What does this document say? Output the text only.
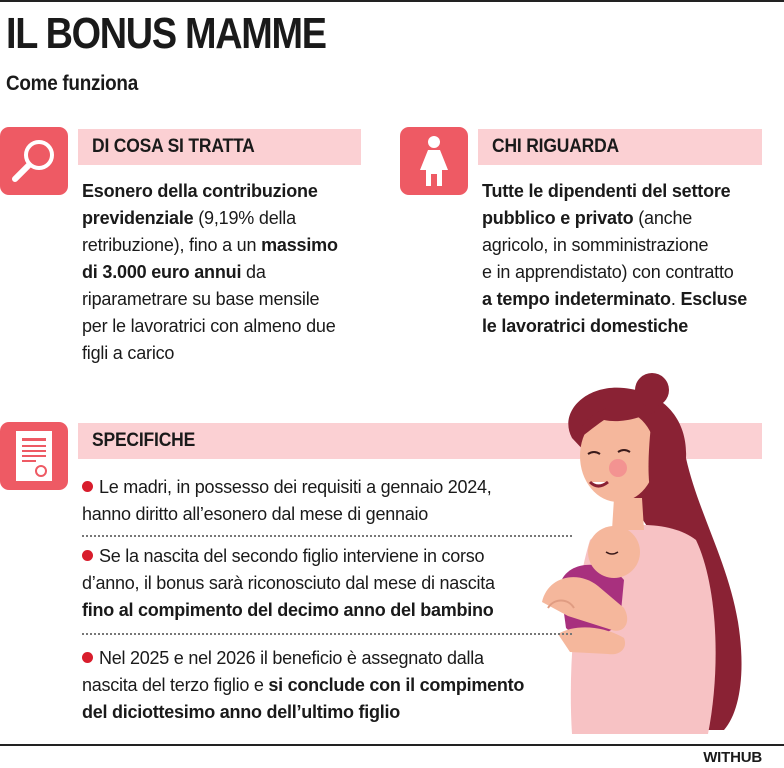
IL BONUS MAMME
Come funziona
DI COSA SI TRATTA
Esonero della contribuzione
previdenziale (9,19% della
retribuzione), fino a un massimo
di 3.000 euro annui da
riparametrare su base mensile
per le lavoratrici con almeno due
figli a carico
CHI RIGUARDA
Tutte le dipendenti del settore
pubblico e privato (anche
agricolo, in somministrazione
e in apprendistato) con contratto
a tempo indeterminato. Escluse
le lavoratrici domestiche
SPECIFICHE
Le madri, in possesso dei requisiti a gennaio 2024,
hanno diritto all’esonero dal mese di gennaio
Se la nascita del secondo figlio interviene in corso
d’anno, il bonus sarà riconosciuto dal mese di nascita
fino al compimento del decimo anno del bambino
Nel 2025 e nel 2026 il beneficio è assegnato dalla
nascita del terzo figlio e si conclude con il compimento
del diciottesimo anno dell’ultimo figlio
WITHUB
